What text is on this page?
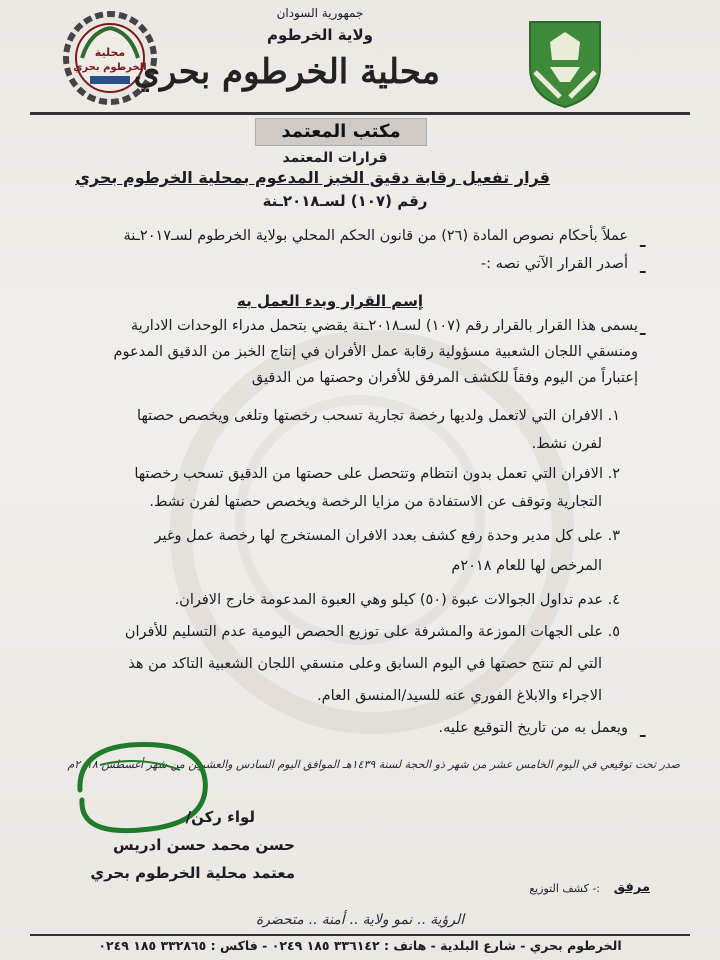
محلية
الخرطوم بحري
جمهورية السودان
ولاية الخرطوم
محلية الخرطوم بحري
مكتب المعتمد
قرارات المعتمد
قرار تفعيل رقابة دقيق الخبز المدعوم بمحلية الخرطوم بحري
رقم (١٠٧) لسـ٢٠١٨ـنة
ـ
عملاً بأحكام نصوص المادة (٢٦) من قانون الحكم المحلي بولاية الخرطوم لسـ٢٠١٧ـنة
ـ
أصدر القرار الآتي نصه :-
إسم القرار وبدء العمل به
ـ
يسمى هذا القرار بالقرار رقم (١٠٧) لسـ٢٠١٨ـنة يقضي بتحمل مدراء الوحدات الادارية
ومنسقي اللجان الشعبية مسؤولية رقابة عمل الأفران في إنتاج الخبز من الدقيق المدعوم
إعتباراً من اليوم وفقاً للكشف المرفق للأفران وحصتها من الدقيق
١. الافران التي لاتعمل ولديها رخصة تجارية تسحب رخصتها وتلغى ويخصص حصتها
لفرن نشط.
٢. الافران التي تعمل بدون انتظام وتتحصل على حصتها من الدقيق تسحب رخصتها
التجارية وتوقف عن الاستفادة من مزايا الرخصة ويخصص حصتها لفرن نشط.
٣. على كل مدير وحدة رفع كشف بعدد الافران المستخرج لها رخصة عمل وغير
المرخص لها للعام ٢٠١٨م
٤. عدم تداول الجوالات عبوة (٥٠) كيلو وهي العبوة المدعومة خارج الافران.
٥. على الجهات الموزعة والمشرفة على توزيع الحصص اليومية عدم التسليم للأفران
التي لم تنتج حصتها في اليوم السابق وعلى منسقي اللجان الشعبية التاكد من هذ
الاجراء والابلاغ الفوري عنه للسيد/المنسق العام.
ـ
ويعمل به من تاريخ التوقيع عليه.
صدر تحت توقيعي في اليوم الخامس عشر من شهر ذو الحجة لسنة ١٤٣٩هـ الموافق اليوم السادس والعشرين من شهر أغسطس ٢٠١٨م
لواء ركن/
حسن محمد حسن ادريس
معتمد محلية الخرطوم بحري
مرفق
:- كشف التوزيع
الرؤية .. نمو ولاية .. أمنة .. متحضرة
الخرطوم بحري - شارع البلدية - هاتف : ٣٣٦١٤٢ ١٨٥ ٠٢٤٩ - فاكس : ٣٣٢٨٦٥ ١٨٥ ٠٢٤٩
